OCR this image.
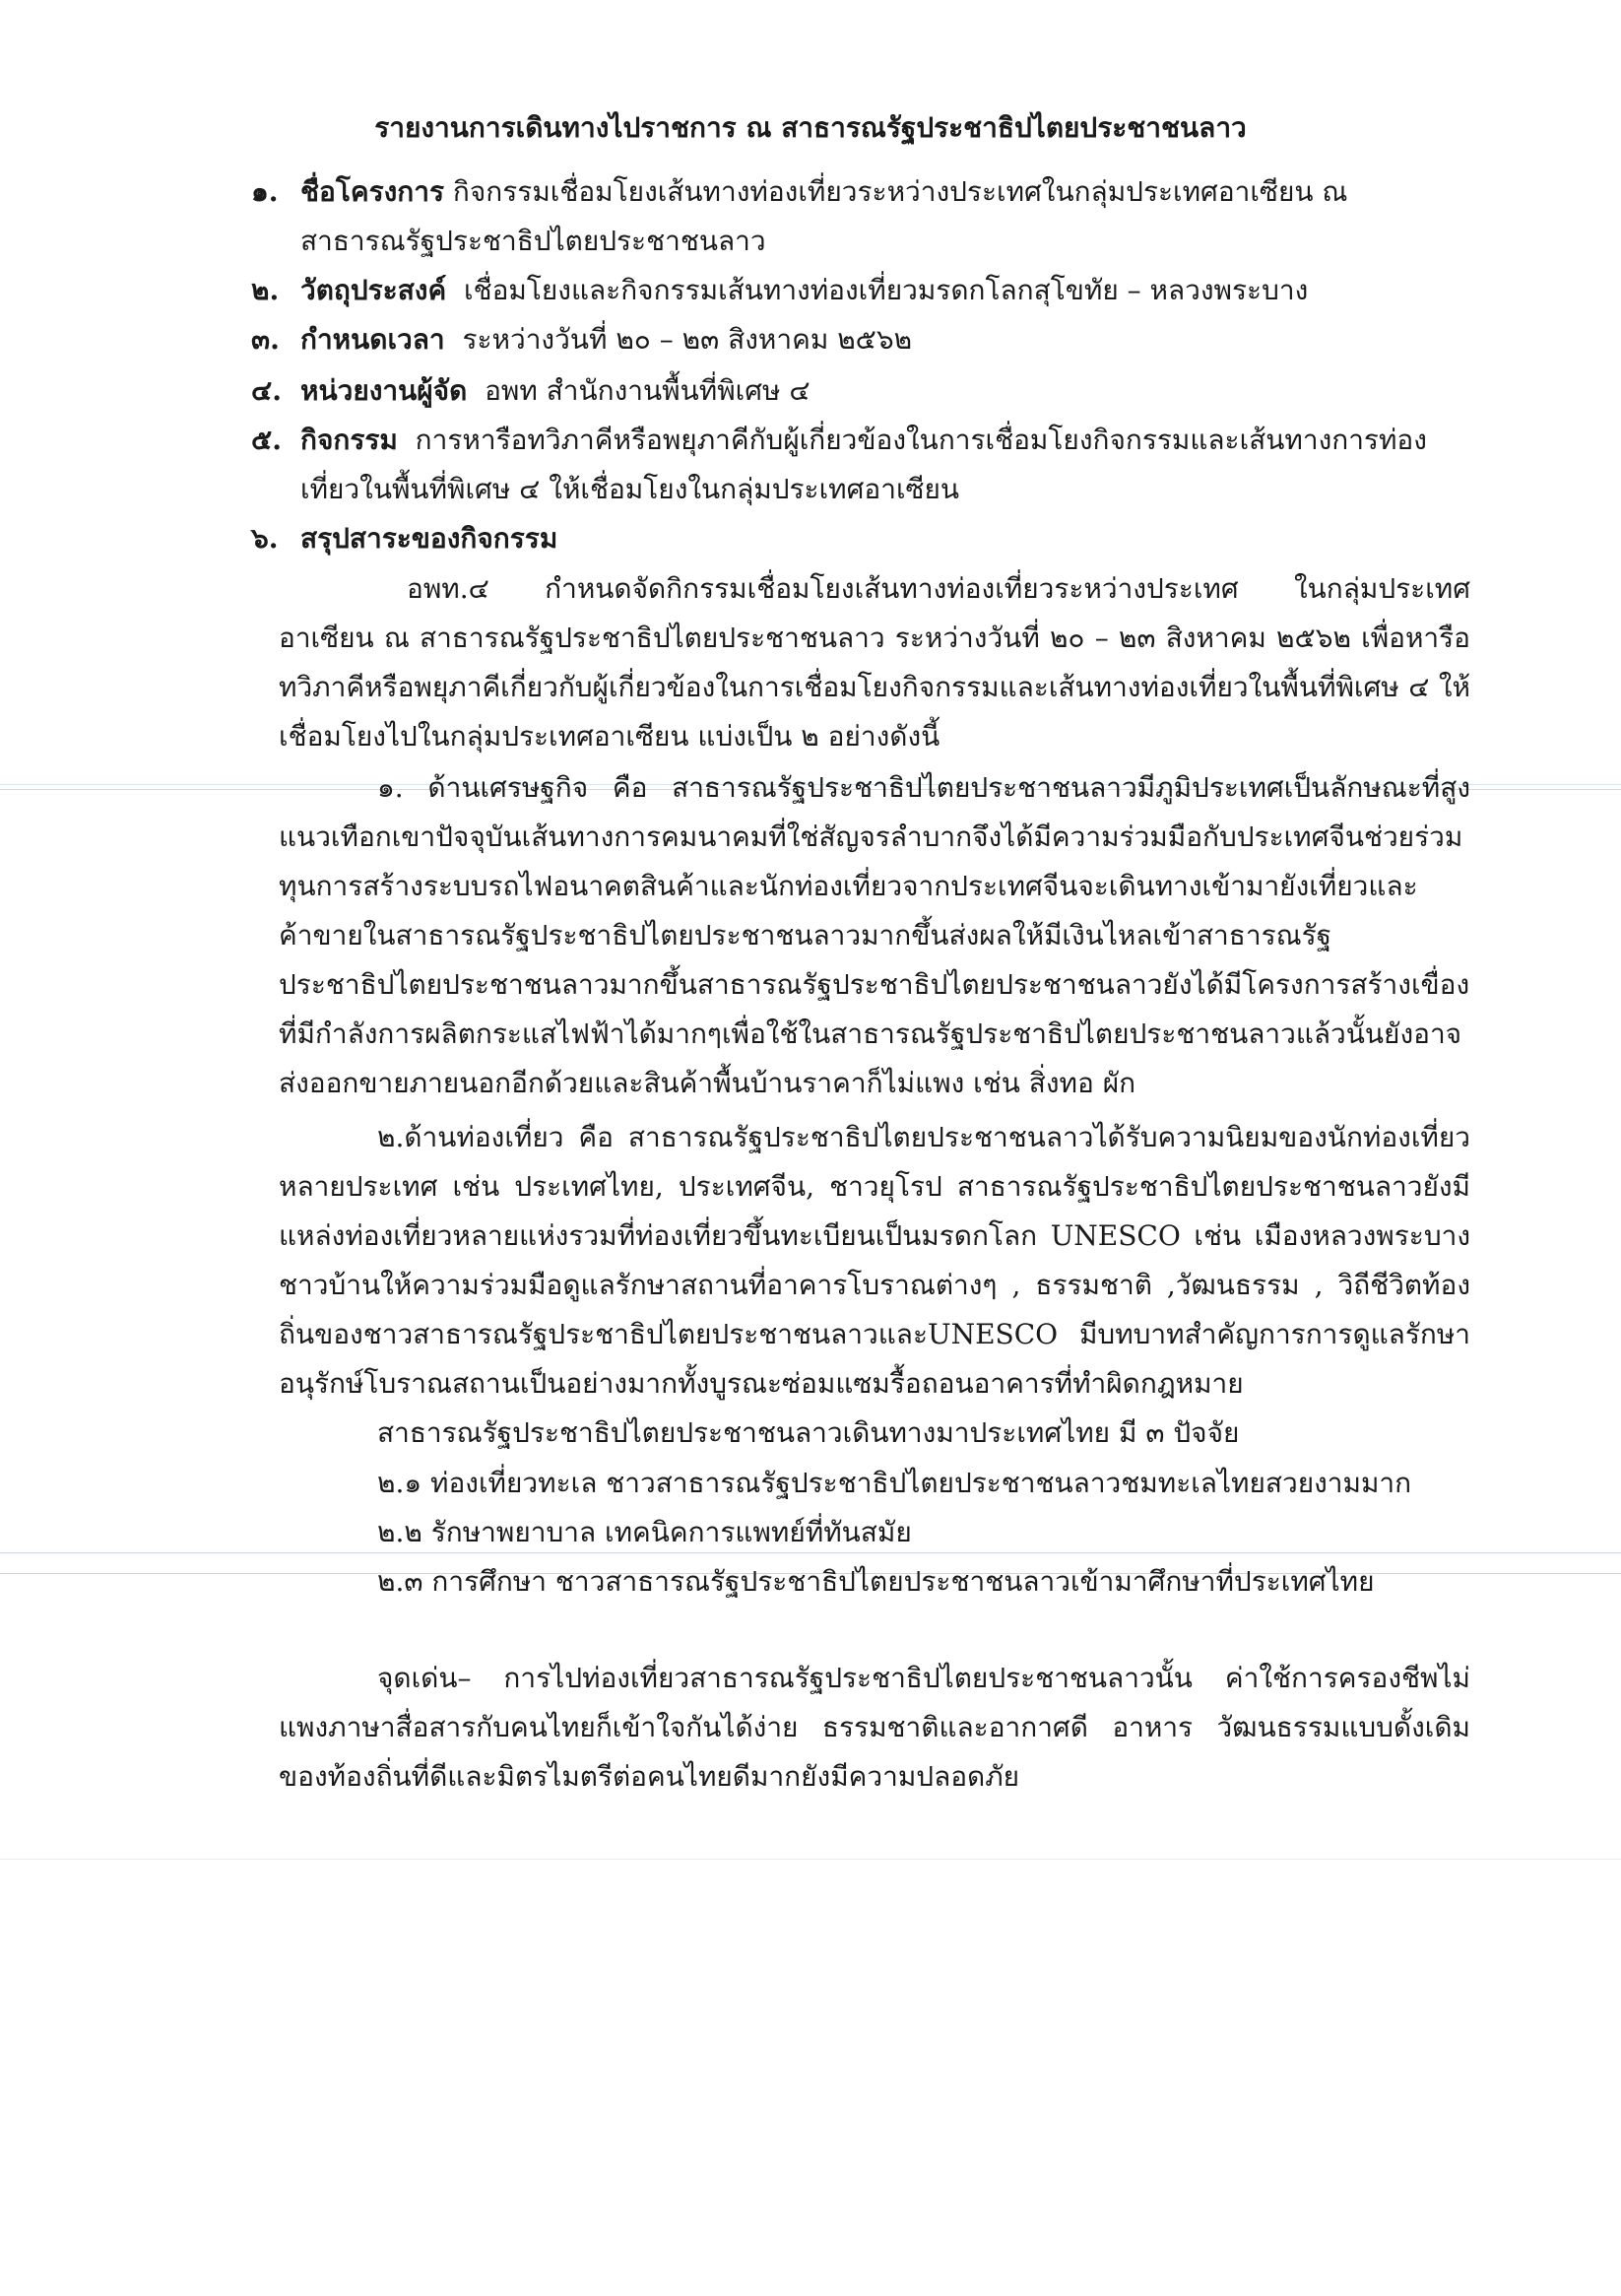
รายงานการเดินทางไปราชการ ณ สาธารณรัฐประชาธิปไตยประชาชนลาว
๑. ชื่อโครงการ กิจกรรมเชื่อมโยงเส้นทางท่องเที่ยวระหว่างประเทศในกลุ่มประเทศอาเซียน ณ สาธารณรัฐประชาธิปไตยประชาชนลาว
๒. วัตถุประสงค์ เชื่อมโยงและกิจกรรมเส้นทางท่องเที่ยวมรดกโลกสุโขทัย – หลวงพระบาง
๓. กำหนดเวลา ระหว่างวันที่ ๒๐ – ๒๓ สิงหาคม ๒๕๖๒
๔. หน่วยงานผู้จัด อพท สำนักงานพื้นที่พิเศษ ๔
๕. กิจกรรม การหารือทวิภาคีหรือพยุภาคีกับผู้เกี่ยวข้องในการเชื่อมโยงกิจกรรมและเส้นทางการท่องเที่ยวในพื้นที่พิเศษ ๔ ให้เชื่อมโยงในกลุ่มประเทศอาเซียน
๖. สรุปสาระของกิจกรรม
อพท.๔ กำหนดจัดกิกรรมเชื่อมโยงเส้นทางท่องเที่ยวระหว่างประเทศ ในกลุ่มประเทศอาเซียน ณ สาธารณรัฐประชาธิปไตยประชาชนลาว ระหว่างวันที่ ๒๐ – ๒๓ สิงหาคม ๒๕๖๒ เพื่อหารือทวิภาคีหรือพยุภาคีเกี่ยวกับผู้เกี่ยวข้องในการเชื่อมโยงกิจกรรมและเส้นทางท่องเที่ยวในพื้นที่พิเศษ ๔ ให้เชื่อมโยงไปในกลุ่มประเทศอาเซียน แบ่งเป็น ๒ อย่างดังนี้
๑. ด้านเศรษฐกิจ คือ สาธารณรัฐประชาธิปไตยประชาชนลาวมีภูมิประเทศเป็นลักษณะที่สูงแนวเทือกเขาปัจจุบันเส้นทางการคมนาคมที่ใช่สัญจรลำบากจึงได้มีความร่วมมือกับประเทศจีนช่วยร่วมทุนการสร้างระบบรถไฟอนาคตสินค้าและนักท่องเที่ยวจากประเทศจีนจะเดินทางเข้ามายังเที่ยวและค้าขายในสาธารณรัฐประชาธิปไตยประชาชนลาวมากขึ้นส่งผลให้มีเงินไหลเข้าสาธารณรัฐประชาธิปไตยประชาชนลาวมากขึ้นสาธารณรัฐประชาธิปไตยประชาชนลาวยังได้มีโครงการสร้างเขื่องที่มีกำลังการผลิตกระแสไฟฟ้าได้มากๆเพื่อใช้ในสาธารณรัฐประชาธิปไตยประชาชนลาวแล้วนั้นยังอาจส่งออกขายภายนอกอีกด้วยและสินค้าพื้นบ้านราคาก็ไม่แพง เช่น สิ่งทอ ผัก
๒.ด้านท่องเที่ยว คือ สาธารณรัฐประชาธิปไตยประชาชนลาวได้รับความนิยมของนักท่องเที่ยวหลายประเทศ เช่น ประเทศไทย, ประเทศจีน, ชาวยุโรป สาธารณรัฐประชาธิปไตยประชาชนลาวยังมีแหล่งท่องเที่ยวหลายแห่งรวมที่ท่องเที่ยวขึ้นทะเบียนเป็นมรดกโลก UNESCO เช่น เมืองหลวงพระบาง ชาวบ้านให้ความร่วมมือดูแลรักษาสถานที่อาคารโบราณต่างๆ , ธรรมชาติ ,วัฒนธรรม , วิถีชีวิตท้องถิ่นของชาวสาธารณรัฐประชาธิปไตยประชาชนลาวและUNESCO มีบทบาทสำคัญการการดูแลรักษาอนุรักษ์โบราณสถานเป็นอย่างมากทั้งบูรณะซ่อมแซมรื้อถอนอาคารที่ทำผิดกฎหมาย
สาธารณรัฐประชาธิปไตยประชาชนลาวเดินทางมาประเทศไทย มี ๓ ปัจจัย
๒.๑ ท่องเที่ยวทะเล ชาวสาธารณรัฐประชาธิปไตยประชาชนลาวชมทะเลไทยสวยงามมาก
๒.๒ รักษาพยาบาล เทคนิคการแพทย์ที่ทันสมัย
๒.๓ การศึกษา ชาวสาธารณรัฐประชาธิปไตยประชาชนลาวเข้ามาศึกษาที่ประเทศไทย
จุดเด่น– การไปท่องเที่ยวสาธารณรัฐประชาธิปไตยประชาชนลาวนั้น ค่าใช้การครองชีพไม่แพงภาษาสื่อสารกับคนไทยก็เข้าใจกันได้ง่าย ธรรมชาติและอากาศดี อาหาร วัฒนธรรมแบบดั้งเดิมของท้องถิ่นที่ดีและมิตรไมตรีต่อคนไทยดีมากยังมีความปลอดภัย
